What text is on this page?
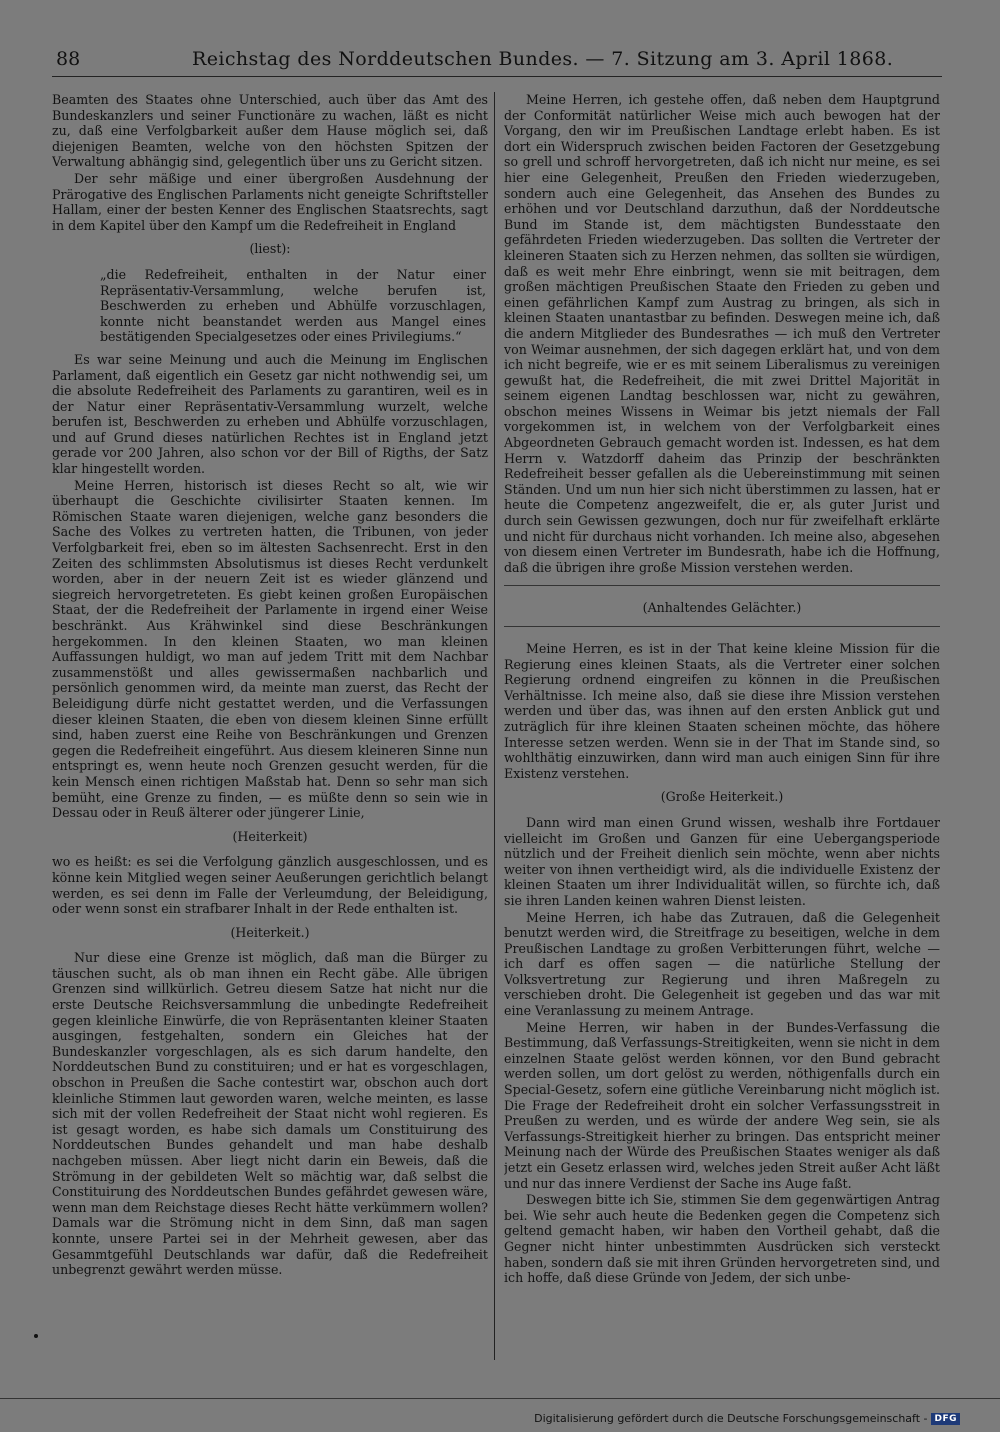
88	Reichstag des Norddeutschen Bundes. — 7. Sitzung am 3. April 1868.

Beamten des Staates ohne Unterschied, auch über das Amt des Bundeskanzlers und seiner Functionäre zu wachen, läßt es nicht zu, daß eine Verfolgbarkeit außer dem Hause möglich sei, daß diejenigen Beamten, welche von den höchsten Spitzen der Verwaltung abhängig sind, gelegentlich über uns zu Gericht sitzen.

Der sehr mäßige und einer übergroßen Ausdehnung der Prärogative des Englischen Parlaments nicht geneigte Schriftsteller Hallam, einer der besten Kenner des Englischen Staatsrechts, sagt in dem Kapitel über den Kampf um die Redefreiheit in England

(liest):

„die Redefreiheit, enthalten in der Natur einer Repräsentativ-Versammlung, welche berufen ist, Beschwerden zu erheben und Abhülfe vorzuschlagen, konnte nicht beanstandet werden aus Mangel eines bestätigenden Specialgesetzes oder eines Privilegiums.“

Es war seine Meinung und auch die Meinung im Englischen Parlament, daß eigentlich ein Gesetz gar nicht nothwendig sei, um die absolute Redefreiheit des Parlaments zu garantiren, weil es in der Natur einer Repräsentativ-Versammlung wurzelt, welche berufen ist, Beschwerden zu erheben und Abhülfe vorzuschlagen, und auf Grund dieses natürlichen Rechtes ist in England jetzt gerade vor 200 Jahren, also schon vor der Bill of Rigths, der Satz klar hingestellt worden.

Meine Herren, historisch ist dieses Recht so alt, wie wir überhaupt die Geschichte civilisirter Staaten kennen. Im Römischen Staate waren diejenigen, welche ganz besonders die Sache des Volkes zu vertreten hatten, die Tribunen, von jeder Verfolgbarkeit frei, eben so im ältesten Sachsenrecht. Erst in den Zeiten des schlimmsten Absolutismus ist dieses Recht verdunkelt worden, aber in der neuern Zeit ist es wieder glänzend und siegreich hervorgetreteten. Es giebt keinen großen Europäischen Staat, der die Redefreiheit der Parlamente in irgend einer Weise beschränkt. Aus Krähwinkel sind diese Beschränkungen hergekommen. In den kleinen Staaten, wo man kleinen Auffassungen huldigt, wo man auf jedem Tritt mit dem Nachbar zusammenstößt und alles gewissermaßen nachbarlich und persönlich genommen wird, da meinte man zuerst, das Recht der Beleidigung dürfe nicht gestattet werden, und die Verfassungen dieser kleinen Staaten, die eben von diesem kleinen Sinne erfüllt sind, haben zuerst eine Reihe von Beschränkungen und Grenzen gegen die Redefreiheit eingeführt. Aus diesem kleineren Sinne nun entspringt es, wenn heute noch Grenzen gesucht werden, für die kein Mensch einen richtigen Maßstab hat. Denn so sehr man sich bemüht, eine Grenze zu finden, — es müßte denn so sein wie in Dessau oder in Reuß älterer oder jüngerer Linie,

(Heiterkeit)

wo es heißt: es sei die Verfolgung gänzlich ausgeschlossen, und es könne kein Mitglied wegen seiner Aeußerungen gerichtlich belangt werden, es sei denn im Falle der Verleumdung, der Beleidigung, oder wenn sonst ein strafbarer Inhalt in der Rede enthalten ist.

(Heiterkeit.)

Nur diese eine Grenze ist möglich, daß man die Bürger zu täuschen sucht, als ob man ihnen ein Recht gäbe. Alle übrigen Grenzen sind willkürlich. Getreu diesem Satze hat nicht nur die erste Deutsche Reichsversammlung die unbedingte Redefreiheit gegen kleinliche Einwürfe, die von Repräsentanten kleiner Staaten ausgingen, festgehalten, sondern ein Gleiches hat der Bundeskanzler vorgeschlagen, als es sich darum handelte, den Norddeutschen Bund zu constituiren; und er hat es vorgeschlagen, obschon in Preußen die Sache contestirt war, obschon auch dort kleinliche Stimmen laut geworden waren, welche meinten, es lasse sich mit der vollen Redefreiheit der Staat nicht wohl regieren. Es ist gesagt worden, es habe sich damals um Constituirung des Norddeutschen Bundes gehandelt und man habe deshalb nachgeben müssen. Aber liegt nicht darin ein Beweis, daß die Strömung in der gebildeten Welt so mächtig war, daß selbst die Constituirung des Norddeutschen Bundes gefährdet gewesen wäre, wenn man dem Reichstage dieses Recht hätte verkümmern wollen? Damals war die Strömung nicht in dem Sinn, daß man sagen konnte, unsere Partei sei in der Mehrheit gewesen, aber das Gesammtgefühl Deutschlands war dafür, daß die Redefreiheit unbegrenzt gewährt werden müsse.

Meine Herren, ich gestehe offen, daß neben dem Hauptgrund der Conformität natürlicher Weise mich auch bewogen hat der Vorgang, den wir im Preußischen Landtage erlebt haben. Es ist dort ein Widerspruch zwischen beiden Factoren der Gesetzgebung so grell und schroff hervorgetreten, daß ich nicht nur meine, es sei hier eine Gelegenheit, Preußen den Frieden wiederzugeben, sondern auch eine Gelegenheit, das Ansehen des Bundes zu erhöhen und vor Deutschland darzuthun, daß der Norddeutsche Bund im Stande ist, dem mächtigsten Bundesstaate den gefährdeten Frieden wiederzugeben. Das sollten die Vertreter der kleineren Staaten sich zu Herzen nehmen, das sollten sie würdigen, daß es weit mehr Ehre einbringt, wenn sie mit beitragen, dem großen mächtigen Preußischen Staate den Frieden zu geben und einen gefährlichen Kampf zum Austrag zu bringen, als sich in kleinen Staaten unantastbar zu befinden. Deswegen meine ich, daß die andern Mitglieder des Bundesrathes — ich muß den Vertreter von Weimar ausnehmen, der sich dagegen erklärt hat, und von dem ich nicht begreife, wie er es mit seinem Liberalismus zu vereinigen gewußt hat, die Redefreiheit, die mit zwei Drittel Majorität in seinem eigenen Landtag beschlossen war, nicht zu gewähren, obschon meines Wissens in Weimar bis jetzt niemals der Fall vorgekommen ist, in welchem von der Verfolgbarkeit eines Abgeordneten Gebrauch gemacht worden ist. Indessen, es hat dem Herrn v. Watzdorff daheim das Prinzip der beschränkten Redefreiheit besser gefallen als die Uebereinstimmung mit seinen Ständen. Und um nun hier sich nicht überstimmen zu lassen, hat er heute die Competenz angezweifelt, die er, als guter Jurist und durch sein Gewissen gezwungen, doch nur für zweifelhaft erklärte und nicht für durchaus nicht vorhanden. Ich meine also, abgesehen von diesem einen Vertreter im Bundesrath, habe ich die Hoffnung, daß die übrigen ihre große Mission verstehen werden.

(Anhaltendes Gelächter.)

Meine Herren, es ist in der That keine kleine Mission für die Regierung eines kleinen Staats, als die Vertreter einer solchen Regierung ordnend eingreifen zu können in die Preußischen Verhältnisse. Ich meine also, daß sie diese ihre Mission verstehen werden und über das, was ihnen auf den ersten Anblick gut und zuträglich für ihre kleinen Staaten scheinen möchte, das höhere Interesse setzen werden. Wenn sie in der That im Stande sind, so wohlthätig einzuwirken, dann wird man auch einigen Sinn für ihre Existenz verstehen.

(Große Heiterkeit.)

Dann wird man einen Grund wissen, weshalb ihre Fortdauer vielleicht im Großen und Ganzen für eine Uebergangsperiode nützlich und der Freiheit dienlich sein möchte, wenn aber nichts weiter von ihnen vertheidigt wird, als die individuelle Existenz der kleinen Staaten um ihrer Individualität willen, so fürchte ich, daß sie ihren Landen keinen wahren Dienst leisten.

Meine Herren, ich habe das Zutrauen, daß die Gelegenheit benutzt werden wird, die Streitfrage zu beseitigen, welche in dem Preußischen Landtage zu großen Verbitterungen führt, welche — ich darf es offen sagen — die natürliche Stellung der Volksvertretung zur Regierung und ihren Maßregeln zu verschieben droht. Die Gelegenheit ist gegeben und das war mit eine Veranlassung zu meinem Antrage.

Meine Herren, wir haben in der Bundes-Verfassung die Bestimmung, daß Verfassungs-Streitigkeiten, wenn sie nicht in dem einzelnen Staate gelöst werden können, vor den Bund gebracht werden sollen, um dort gelöst zu werden, nöthigenfalls durch ein Special-Gesetz, sofern eine gütliche Vereinbarung nicht möglich ist. Die Frage der Redefreiheit droht ein solcher Verfassungsstreit in Preußen zu werden, und es würde der andere Weg sein, sie als Verfassungs-Streitigkeit hierher zu bringen. Das entspricht meiner Meinung nach der Würde des Preußischen Staates weniger als daß jetzt ein Gesetz erlassen wird, welches jeden Streit außer Acht läßt und nur das innere Verdienst der Sache ins Auge faßt.

Deswegen bitte ich Sie, stimmen Sie dem gegenwärtigen Antrag bei. Wie sehr auch heute die Bedenken gegen die Competenz sich geltend gemacht haben, wir haben den Vortheil gehabt, daß die Gegner nicht hinter unbestimmten Ausdrücken sich versteckt haben, sondern daß sie mit ihren Gründen hervorgetreten sind, und ich hoffe, daß diese Gründe von Jedem, der sich unbe-

Digitalisierung gefördert durch die Deutsche Forschungsgemeinschaft - DFG
